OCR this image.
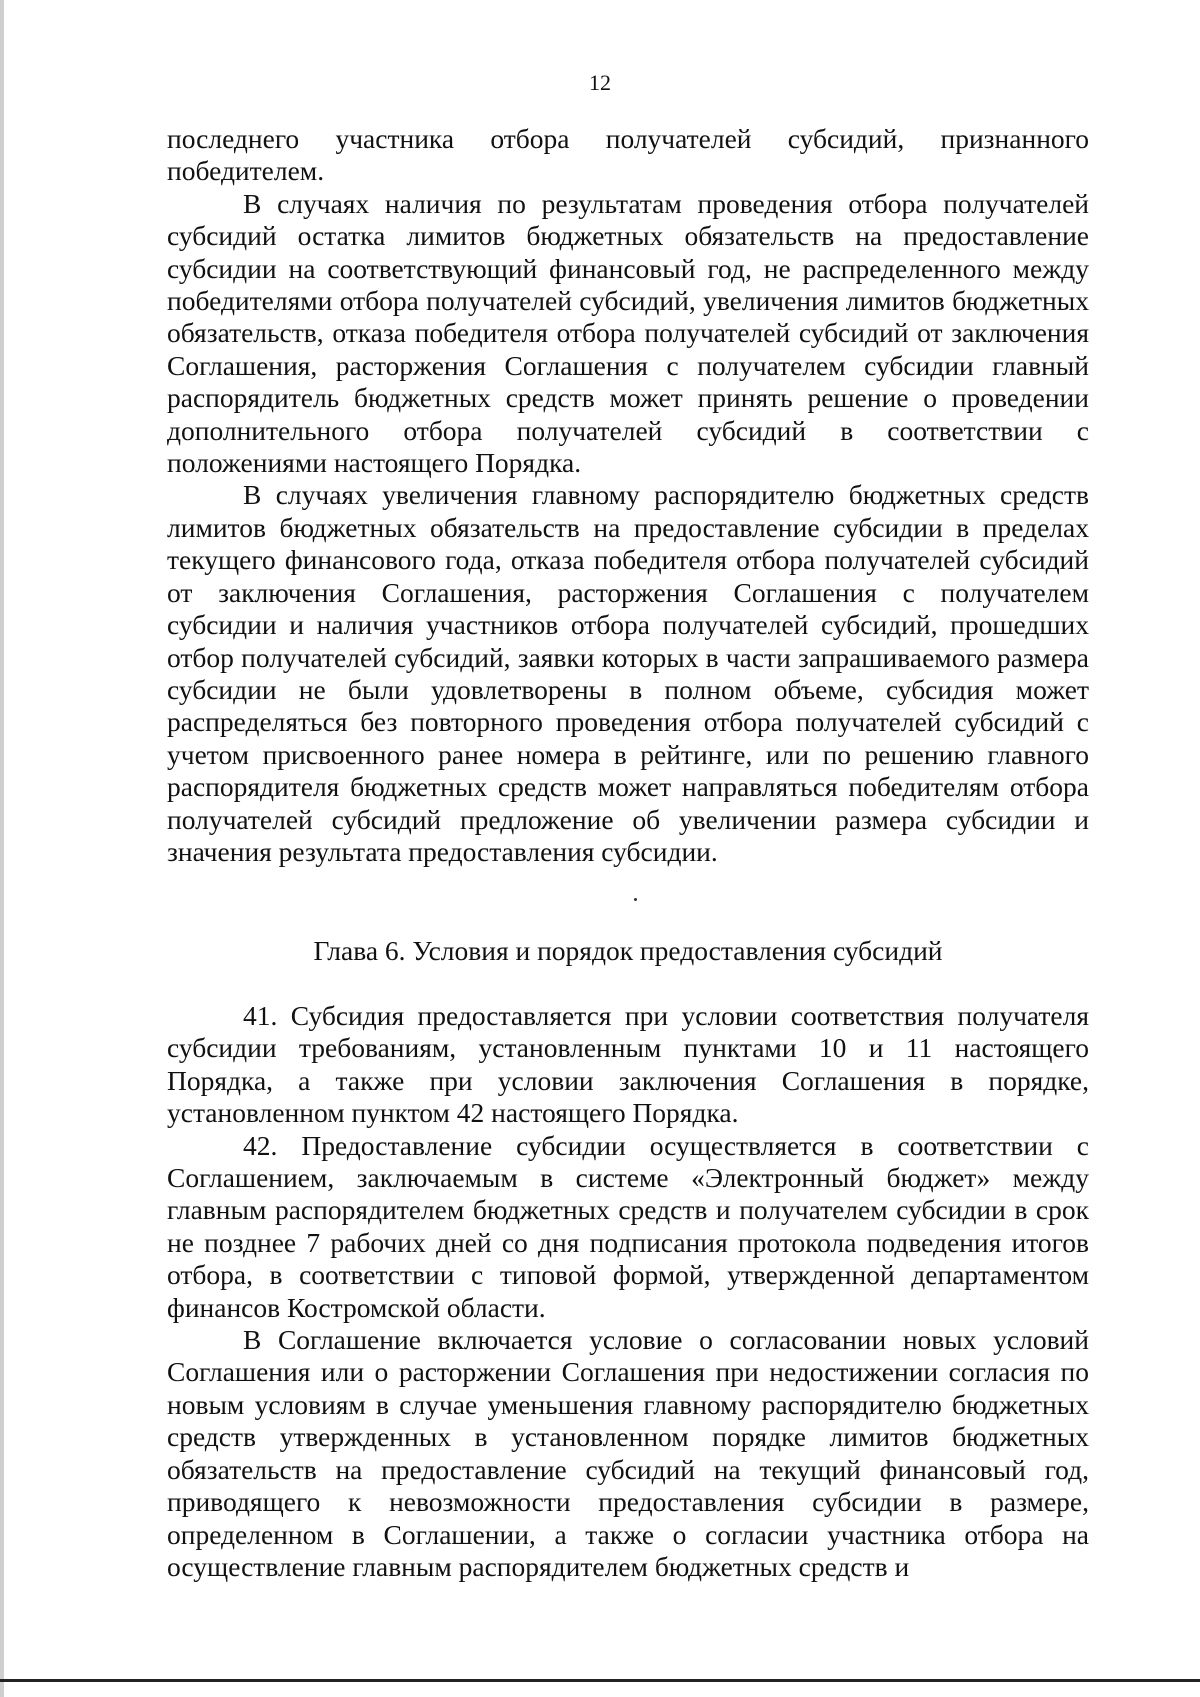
12

последнего участника отбора получателей субсидий, признанного победителем.

В случаях наличия по результатам проведения отбора получателей субсидий остатка лимитов бюджетных обязательств на предоставление субсидии на соответствующий финансовый год, не распределенного между победителями отбора получателей субсидий, увеличения лимитов бюджетных обязательств, отказа победителя отбора получателей субсидий от заключения Соглашения, расторжения Соглашения с получателем субсидии главный распорядитель бюджетных средств может принять решение о проведении дополнительного отбора получателей субсидий в соответствии с положениями настоящего Порядка.

В случаях увеличения главному распорядителю бюджетных средств лимитов бюджетных обязательств на предоставление субсидии в пределах текущего финансового года, отказа победителя отбора получателей субсидий от заключения Соглашения, расторжения Соглашения с получателем субсидии и наличия участников отбора получателей субсидий, прошедших отбор получателей субсидий, заявки которых в части запрашиваемого размера субсидии не были удовлетворены в полном объеме, субсидия может распределяться без повторного проведения отбора получателей субсидий с учетом присвоенного ранее номера в рейтинге, или по решению главного распорядителя бюджетных средств может направляться победителям отбора получателей субсидий предложение об увеличении размера субсидии и значения результата предоставления субсидии.

Глава 6. Условия и порядок предоставления субсидий

41. Субсидия предоставляется при условии соответствия получателя субсидии требованиям, установленным пунктами 10 и 11 настоящего Порядка, а также при условии заключения Соглашения в порядке, установленном пунктом 42 настоящего Порядка.

42. Предоставление субсидии осуществляется в соответствии с Соглашением, заключаемым в системе «Электронный бюджет» между главным распорядителем бюджетных средств и получателем субсидии в срок не позднее 7 рабочих дней со дня подписания протокола подведения итогов отбора, в соответствии с типовой формой, утвержденной департаментом финансов Костромской области.

В Соглашение включается условие о согласовании новых условий Соглашения или о расторжении Соглашения при недостижении согласия по новым условиям в случае уменьшения главному распорядителю бюджетных средств утвержденных в установленном порядке лимитов бюджетных обязательств на предоставление субсидий на текущий финансовый год, приводящего к невозможности предоставления субсидии в размере, определенном в Соглашении, а также о согласии участника отбора на осуществление главным распорядителем бюджетных средств и
